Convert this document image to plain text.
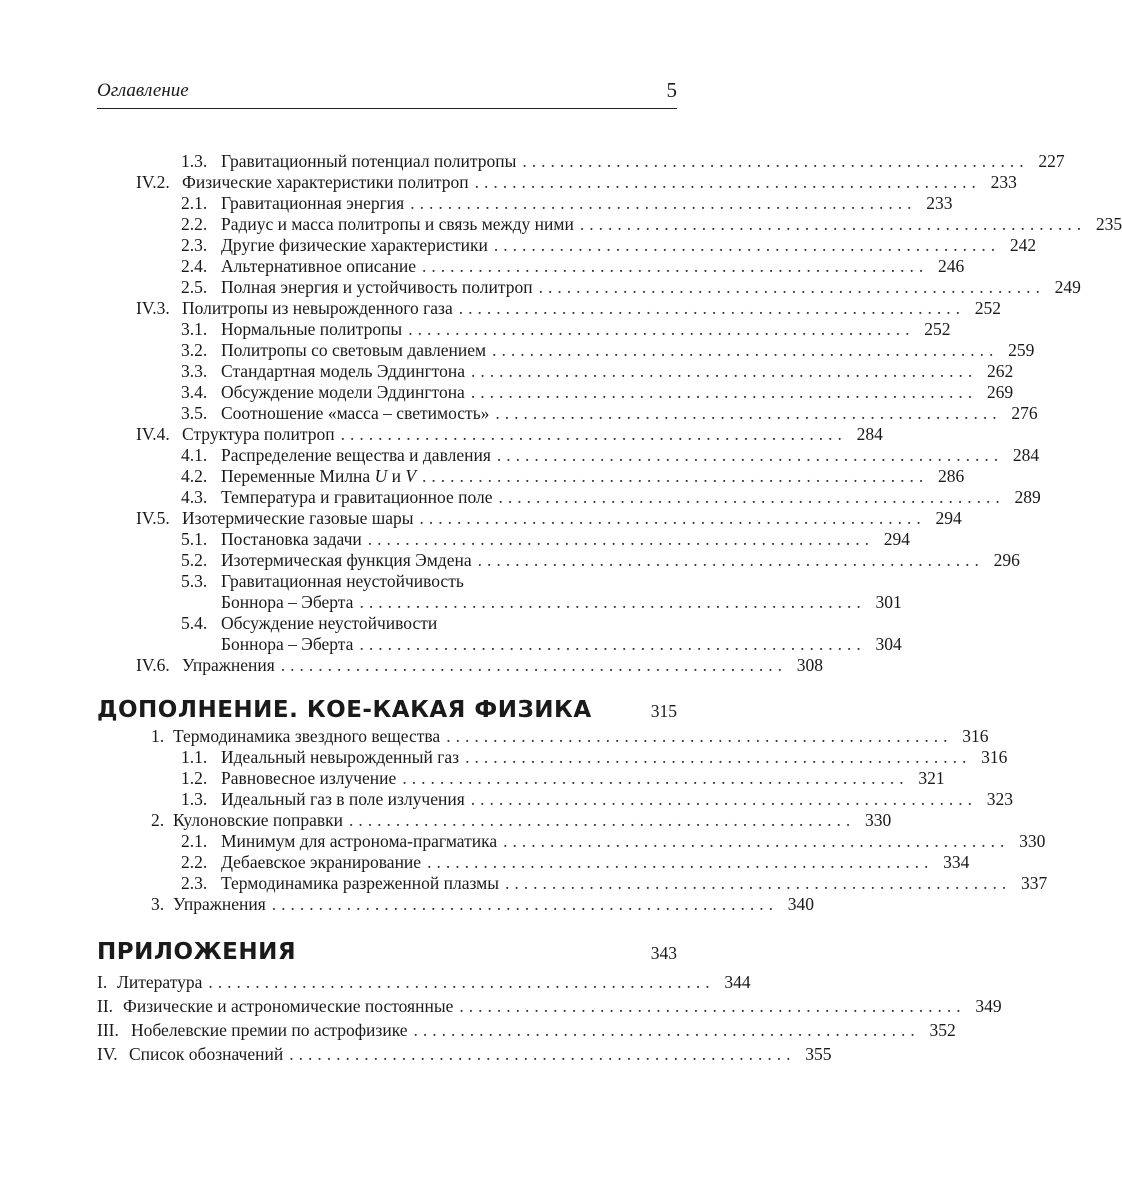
Оглавление	5
1.3. Гравитационный потенциал политропы ...................................................... 227
IV.2. Физические характеристики политроп ...................................................... 233
2.1. Гравитационная энергия ...................................................... 233
2.2. Радиус и масса политропы и связь между ними ...................................................... 235
2.3. Другие физические характеристики ...................................................... 242
2.4. Альтернативное описание ...................................................... 246
2.5. Полная энергия и устойчивость политроп ...................................................... 249
IV.3. Политропы из невырожденного газа ...................................................... 252
3.1. Нормальные политропы ...................................................... 252
3.2. Политропы со световым давлением ...................................................... 259
3.3. Стандартная модель Эддингтона ...................................................... 262
3.4. Обсуждение модели Эддингтона ...................................................... 269
3.5. Соотношение «масса – светимость» ...................................................... 276
IV.4. Структура политроп ...................................................... 284
4.1. Распределение вещества и давления ...................................................... 284
4.2. Переменные Милна U и V ...................................................... 286
4.3. Температура и гравитационное поле ...................................................... 289
IV.5. Изотермические газовые шары ...................................................... 294
5.1. Постановка задачи ...................................................... 294
5.2. Изотермическая функция Эмдена ...................................................... 296
5.3. Гравитационная неустойчивость
Боннора – Эберта ...................................................... 301
5.4. Обсуждение неустойчивости
Боннора – Эберта ...................................................... 304
IV.6. Упражнения ...................................................... 308
ДОПОЛНЕНИЕ. КОЕ-КАКАЯ ФИЗИКА	315
1. Термодинамика звездного вещества ...................................................... 316
1.1. Идеальный невырожденный газ ...................................................... 316
1.2. Равновесное излучение ...................................................... 321
1.3. Идеальный газ в поле излучения ...................................................... 323
2. Кулоновские поправки ...................................................... 330
2.1. Минимум для астронома-прагматика ...................................................... 330
2.2. Дебаевское экранирование ...................................................... 334
2.3. Термодинамика разреженной плазмы ...................................................... 337
3. Упражнения ...................................................... 340
ПРИЛОЖЕНИЯ	343
I. Литература ...................................................... 344
II. Физические и астрономические постоянные ...................................................... 349
III. Нобелевские премии по астрофизике ...................................................... 352
IV. Список обозначений ...................................................... 355
